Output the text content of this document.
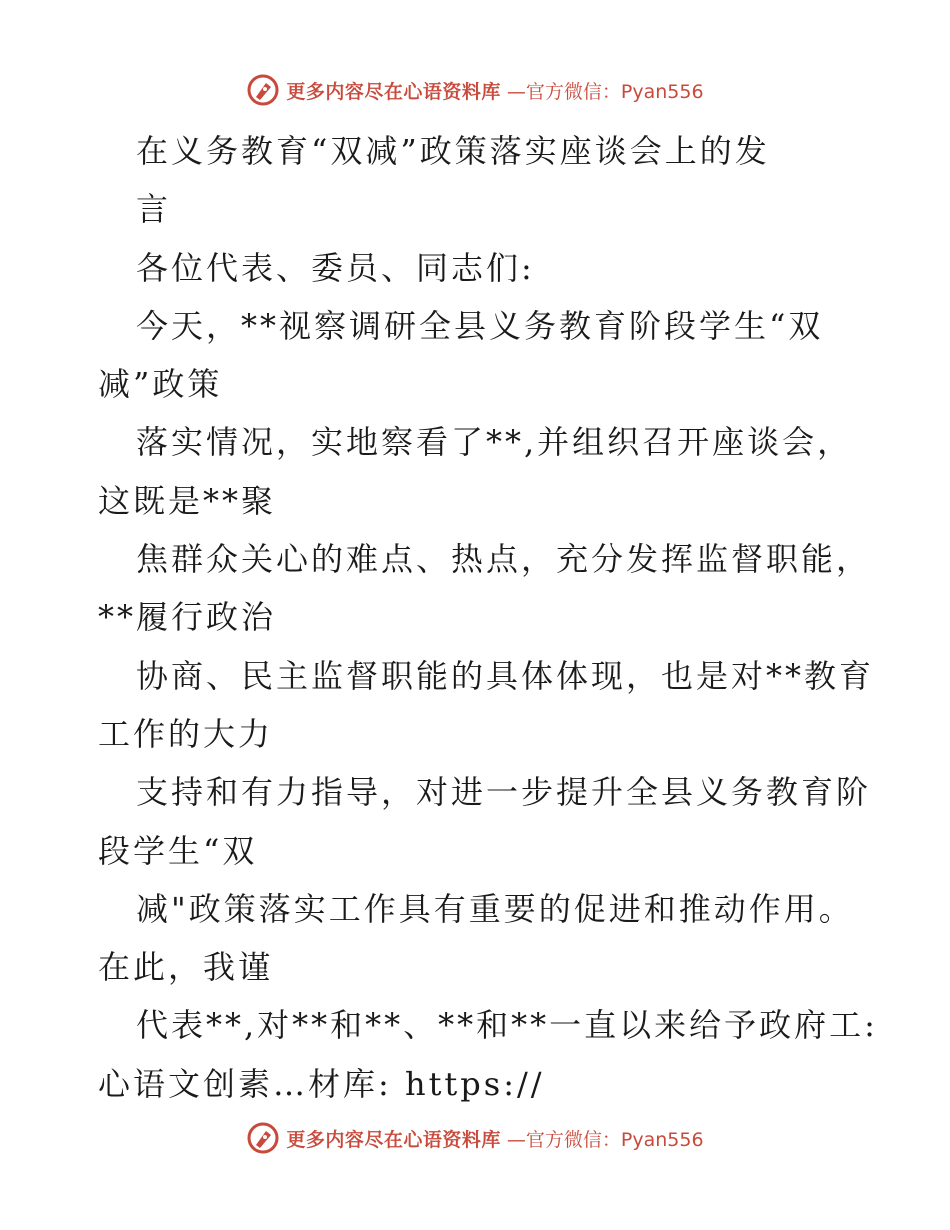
更多内容尽在心语资料库 —官方微信：Pyan556
在义务教育“双减”政策落实座谈会上的发
言
各位代表、委员、同志们:
今天，**视察调研全县义务教育阶段学生“双
减”政策
落实情况，实地察看了**,并组织召开座谈会，
这既是**聚
焦群众关心的难点、热点，充分发挥监督职能，
**履行政治
协商、民主监督职能的具体体现，也是对**教育
工作的大力
支持和有力指导，对进一步提升全县义务教育阶
段学生“双
减"政策落实工作具有重要的促进和推动作用。
在此，我谨
代表**,对**和**、**和**一直以来给予政府工:
心语文创素…材库: https://
更多内容尽在心语资料库 —官方微信：Pyan556
